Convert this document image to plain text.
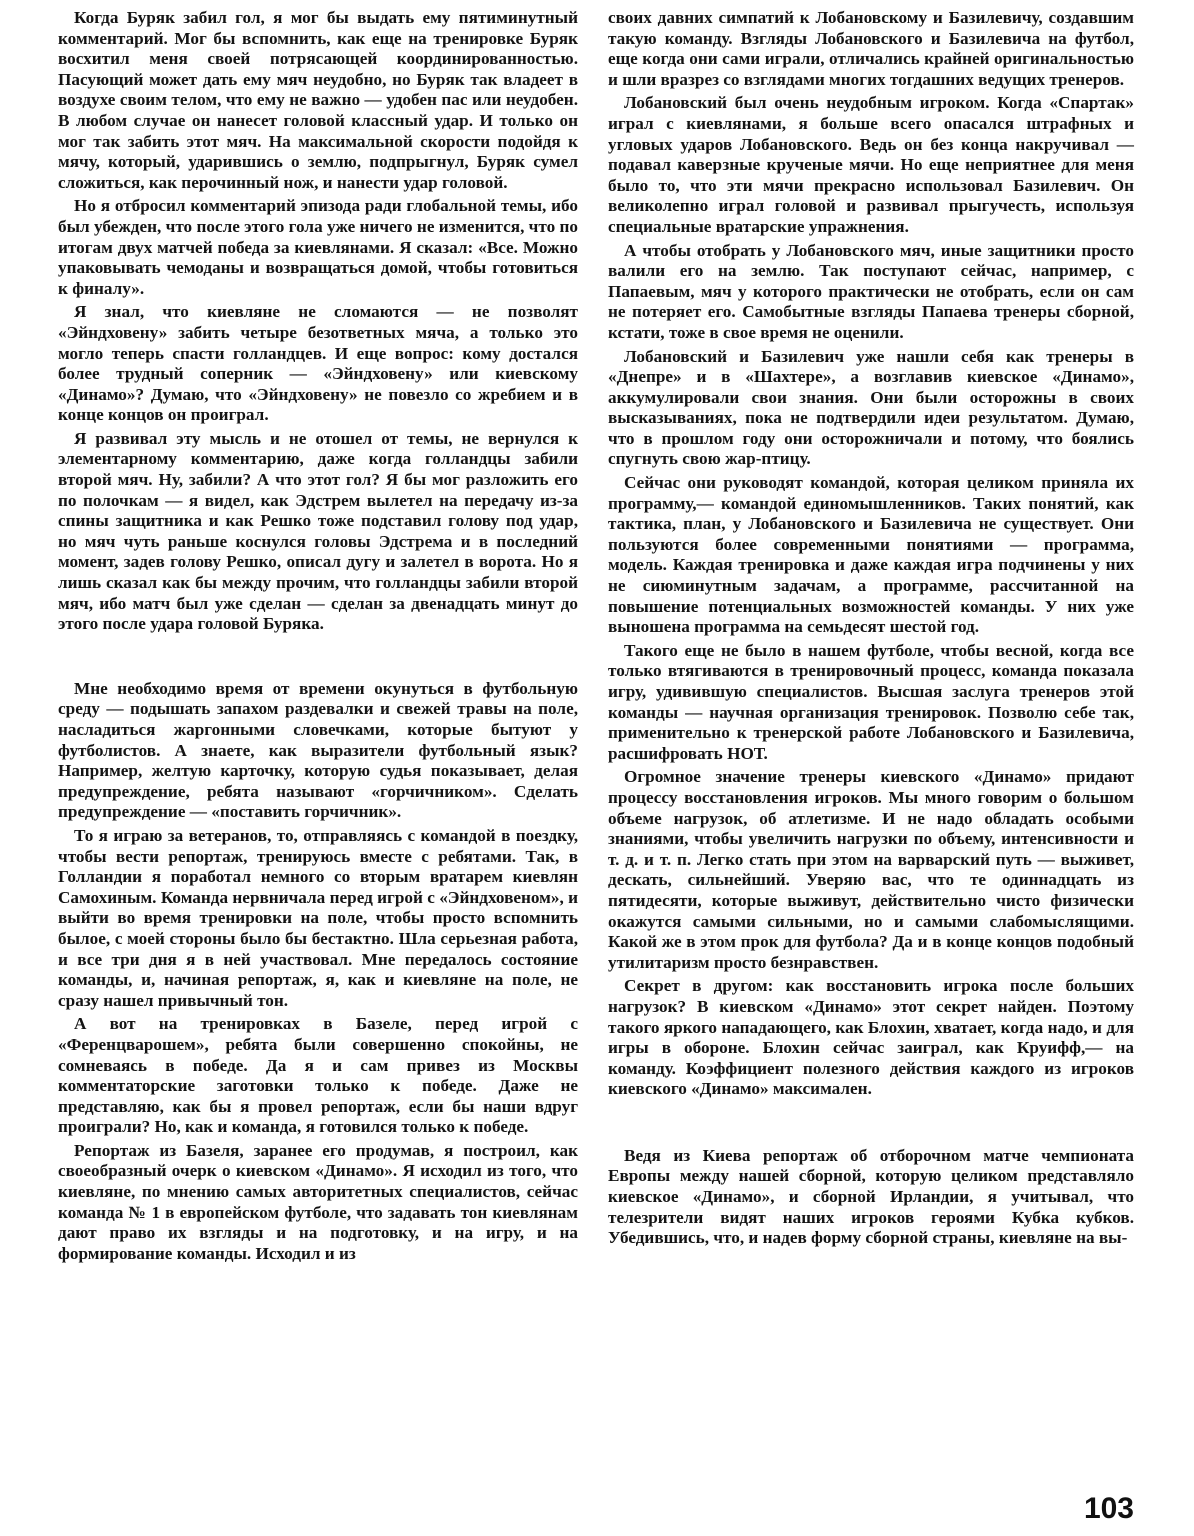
Когда Буряк забил гол, я мог бы выдать ему пятиминутный комментарий. Мог бы вспомнить, как еще на тренировке Буряк восхитил меня своей потрясающей координированностью. Пасующий может дать ему мяч неудобно, но Буряк так владеет в воздухе своим телом, что ему не важно — удобен пас или неудобен. В любом случае он нанесет головой классный удар. И только он мог так забить этот мяч. На максимальной скорости подойдя к мячу, который, ударившись о землю, подпрыгнул, Буряк сумел сложиться, как перочинный нож, и нанести удар головой.

Но я отбросил комментарий эпизода ради глобальной темы, ибо был убежден, что после этого гола уже ничего не изменится, что по итогам двух матчей победа за киевлянами. Я сказал: «Все. Можно упаковывать чемоданы и возвращаться домой, чтобы готовиться к финалу».

Я знал, что киевляне не сломаются — не позволят «Эйндховену» забить четыре безответных мяча, а только это могло теперь спасти голландцев. И еще вопрос: кому достался более трудный соперник — «Эйндховену» или киевскому «Динамо»? Думаю, что «Эйндховену» не повезло со жребием и в конце концов он проиграл.

Я развивал эту мысль и не отошел от темы, не вернулся к элементарному комментарию, даже когда голландцы забили второй мяч. Ну, забили? А что этот гол? Я бы мог разложить его по полочкам — я видел, как Эдстрем вылетел на передачу из-за спины защитника и как Решко тоже подставил голову под удар, но мяч чуть раньше коснулся головы Эдстрема и в последний момент, задев голову Решко, описал дугу и залетел в ворота. Но я лишь сказал как бы между прочим, что голландцы забили второй мяч, ибо матч был уже сделан — сделан за двенадцать минут до этого после удара головой Буряка.

Мне необходимо время от времени окунуться в футбольную среду — подышать запахом раздевалки и свежей травы на поле, насладиться жаргонными словечками, которые бытуют у футболистов. А знаете, как выразители футбольный язык? Например, желтую карточку, которую судья показывает, делая предупреждение, ребята называют «горчичником». Сделать предупреждение — «поставить горчичник».

То я играю за ветеранов, то, отправляясь с командой в поездку, чтобы вести репортаж, тренируюсь вместе с ребятами. Так, в Голландии я поработал немного со вторым вратарем киевлян Самохиным. Команда нервничала перед игрой с «Эйндховеном», и выйти во время тренировки на поле, чтобы просто вспомнить былое, с моей стороны было бы бестактно. Шла серьезная работа, и все три дня я в ней участвовал. Мне передалось состояние команды, и, начиная репортаж, я, как и киевляне на поле, не сразу нашел привычный тон.

А вот на тренировках в Базеле, перед игрой с «Ференцварошем», ребята были совершенно спокойны, не сомневаясь в победе. Да я и сам привез из Москвы комментаторские заготовки только к победе. Даже не представляю, как бы я провел репортаж, если бы наши вдруг проиграли? Но, как и команда, я готовился только к победе.

Репортаж из Базеля, заранее его продумав, я построил, как своеобразный очерк о киевском «Динамо». Я исходил из того, что киевляне, по мнению самых авторитетных специалистов, сейчас команда № 1 в европейском футболе, что задавать тон киевлянам дают право их взгляды и на подготовку, и на игру, и на формирование команды. Исходил и из

своих давних симпатий к Лобановскому и Базилевичу, создавшим такую команду. Взгляды Лобановского и Базилевича на футбол, еще когда они сами играли, отличались крайней оригинальностью и шли вразрез со взглядами многих тогдашних ведущих тренеров.

Лобановский был очень неудобным игроком. Когда «Спартак» играл с киевлянами, я больше всего опасался штрафных и угловых ударов Лобановского. Ведь он без конца накручивал — подавал каверзные крученые мячи. Но еще неприятнее для меня было то, что эти мячи прекрасно использовал Базилевич. Он великолепно играл головой и развивал прыгучесть, используя специальные вратарские упражнения.

А чтобы отобрать у Лобановского мяч, иные защитники просто валили его на землю. Так поступают сейчас, например, с Папаевым, мяч у которого практически не отобрать, если он сам не потеряет его. Самобытные взгляды Папаева тренеры сборной, кстати, тоже в свое время не оценили.

Лобановский и Базилевич уже нашли себя как тренеры в «Днепре» и в «Шахтере», а возглавив киевское «Динамо», аккумулировали свои знания. Они были осторожны в своих высказываниях, пока не подтвердили идеи результатом. Думаю, что в прошлом году они осторожничали и потому, что боялись спугнуть свою жар-птицу.

Сейчас они руководят командой, которая целиком приняла их программу,— командой единомышленников. Таких понятий, как тактика, план, у Лобановского и Базилевича не существует. Они пользуются более современными понятиями — программа, модель. Каждая тренировка и даже каждая игра подчинены у них не сиюминутным задачам, а программе, рассчитанной на повышение потенциальных возможностей команды. У них уже выношена программа на семьдесят шестой год.

Такого еще не было в нашем футболе, чтобы весной, когда все только втягиваются в тренировочный процесс, команда показала игру, удивившую специалистов. Высшая заслуга тренеров этой команды — научная организация тренировок. Позволю себе так, применительно к тренерской работе Лобановского и Базилевича, расшифровать НОТ.

Огромное значение тренеры киевского «Динамо» придают процессу восстановления игроков. Мы много говорим о большом объеме нагрузок, об атлетизме. И не надо обладать особыми знаниями, чтобы увеличить нагрузки по объему, интенсивности и т. д. и т. п. Легко стать при этом на варварский путь — выживет, дескать, сильнейший. Уверяю вас, что те одиннадцать из пятидесяти, которые выживут, действительно чисто физически окажутся самыми сильными, но и самыми слабомыслящими. Какой же в этом прок для футбола? Да и в конце концов подобный утилитаризм просто безнравствен.

Секрет в другом: как восстановить игрока после больших нагрузок? В киевском «Динамо» этот секрет найден. Поэтому такого яркого нападающего, как Блохин, хватает, когда надо, и для игры в обороне. Блохин сейчас заиграл, как Круифф,— на команду. Коэффициент полезного действия каждого из игроков киевского «Динамо» максимален.

Ведя из Киева репортаж об отборочном матче чемпионата Европы между нашей сборной, которую целиком представляло киевское «Динамо», и сборной Ирландии, я учитывал, что телезрители видят наших игроков героями Кубка кубков. Убедившись, что, и надев форму сборной страны, киевляне на вы-

103
